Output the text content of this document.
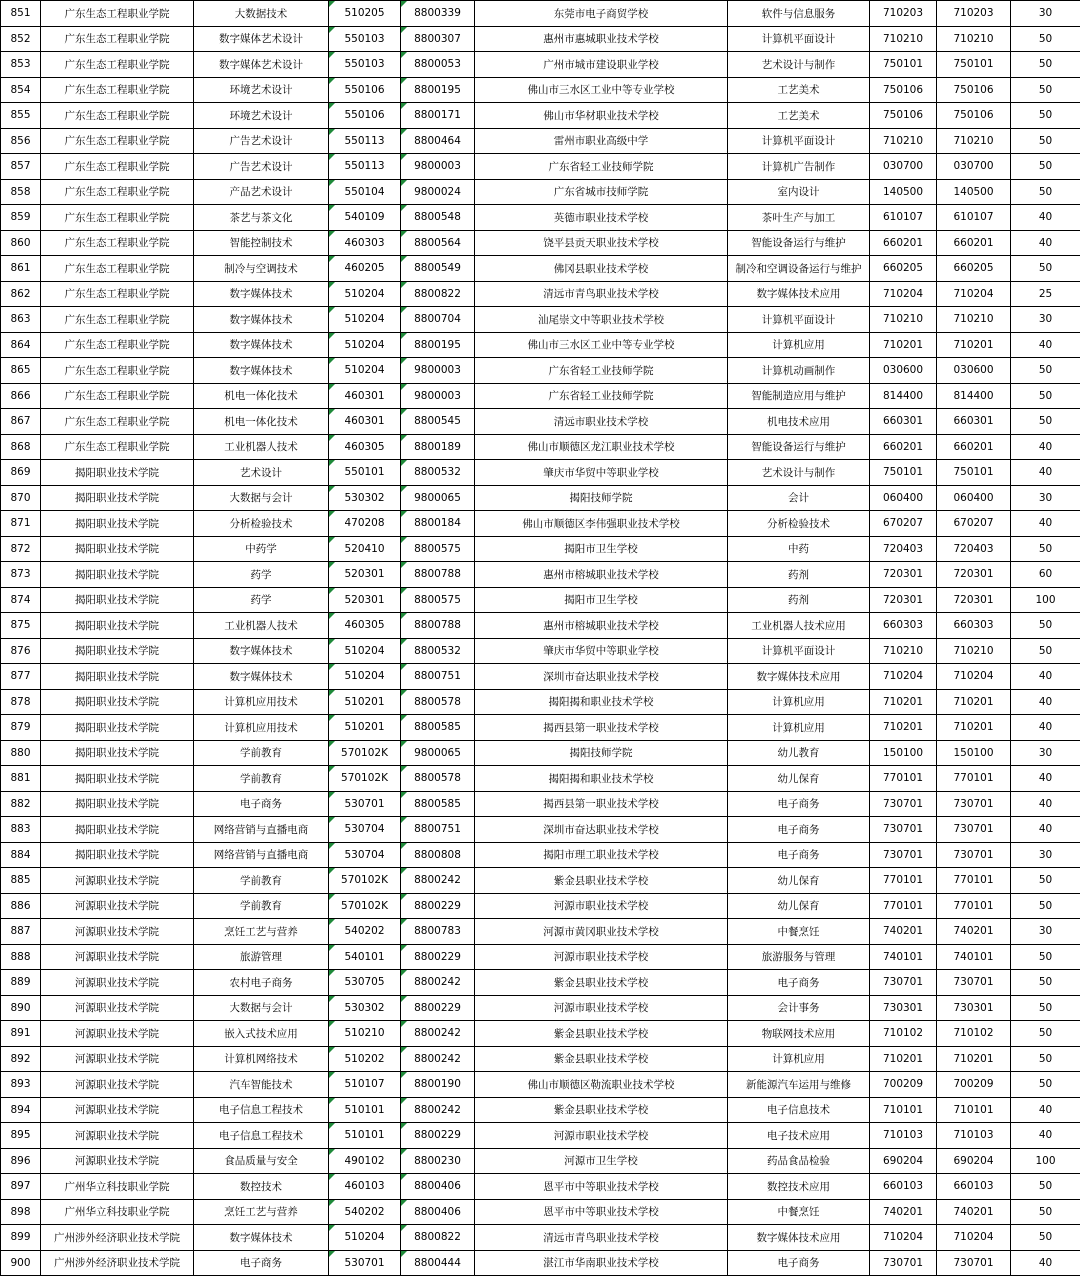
851	广东生态工程职业学院	大数据技术	510205	8800339	东莞市电子商贸学校	软件与信息服务	710203	710203	30
852	广东生态工程职业学院	数字媒体艺术设计	550103	8800307	惠州市惠城职业技术学校	计算机平面设计	710210	710210	50
853	广东生态工程职业学院	数字媒体艺术设计	550103	8800053	广州市城市建设职业学校	艺术设计与制作	750101	750101	50
854	广东生态工程职业学院	环境艺术设计	550106	8800195	佛山市三水区工业中等专业学校	工艺美术	750106	750106	50
855	广东生态工程职业学院	环境艺术设计	550106	8800171	佛山市华材职业技术学校	工艺美术	750106	750106	50
856	广东生态工程职业学院	广告艺术设计	550113	8800464	雷州市职业高级中学	计算机平面设计	710210	710210	50
857	广东生态工程职业学院	广告艺术设计	550113	9800003	广东省轻工业技师学院	计算机广告制作	030700	030700	50
858	广东生态工程职业学院	产品艺术设计	550104	9800024	广东省城市技师学院	室内设计	140500	140500	50
859	广东生态工程职业学院	茶艺与茶文化	540109	8800548	英德市职业技术学校	茶叶生产与加工	610107	610107	40
860	广东生态工程职业学院	智能控制技术	460303	8800564	饶平县贡天职业技术学校	智能设备运行与维护	660201	660201	40
861	广东生态工程职业学院	制冷与空调技术	460205	8800549	佛冈县职业技术学校	制冷和空调设备运行与维护	660205	660205	50
862	广东生态工程职业学院	数字媒体技术	510204	8800822	清远市青鸟职业技术学校	数字媒体技术应用	710204	710204	25
863	广东生态工程职业学院	数字媒体技术	510204	8800704	汕尾崇文中等职业技术学校	计算机平面设计	710210	710210	30
864	广东生态工程职业学院	数字媒体技术	510204	8800195	佛山市三水区工业中等专业学校	计算机应用	710201	710201	40
865	广东生态工程职业学院	数字媒体技术	510204	9800003	广东省轻工业技师学院	计算机动画制作	030600	030600	50
866	广东生态工程职业学院	机电一体化技术	460301	9800003	广东省轻工业技师学院	智能制造应用与维护	814400	814400	50
867	广东生态工程职业学院	机电一体化技术	460301	8800545	清远市职业技术学校	机电技术应用	660301	660301	50
868	广东生态工程职业学院	工业机器人技术	460305	8800189	佛山市顺德区龙江职业技术学校	智能设备运行与维护	660201	660201	40
869	揭阳职业技术学院	艺术设计	550101	8800532	肇庆市华贸中等职业学校	艺术设计与制作	750101	750101	40
870	揭阳职业技术学院	大数据与会计	530302	9800065	揭阳技师学院	会计	060400	060400	30
871	揭阳职业技术学院	分析检验技术	470208	8800184	佛山市顺德区李伟强职业技术学校	分析检验技术	670207	670207	40
872	揭阳职业技术学院	中药学	520410	8800575	揭阳市卫生学校	中药	720403	720403	50
873	揭阳职业技术学院	药学	520301	8800788	惠州市榕城职业技术学校	药剂	720301	720301	60
874	揭阳职业技术学院	药学	520301	8800575	揭阳市卫生学校	药剂	720301	720301	100
875	揭阳职业技术学院	工业机器人技术	460305	8800788	惠州市榕城职业技术学校	工业机器人技术应用	660303	660303	50
876	揭阳职业技术学院	数字媒体技术	510204	8800532	肇庆市华贸中等职业学校	计算机平面设计	710210	710210	50
877	揭阳职业技术学院	数字媒体技术	510204	8800751	深圳市奋达职业技术学校	数字媒体技术应用	710204	710204	40
878	揭阳职业技术学院	计算机应用技术	510201	8800578	揭阳揭和职业技术学校	计算机应用	710201	710201	40
879	揭阳职业技术学院	计算机应用技术	510201	8800585	揭西县第一职业技术学校	计算机应用	710201	710201	40
880	揭阳职业技术学院	学前教育	570102K	9800065	揭阳技师学院	幼儿教育	150100	150100	30
881	揭阳职业技术学院	学前教育	570102K	8800578	揭阳揭和职业技术学校	幼儿保育	770101	770101	40
882	揭阳职业技术学院	电子商务	530701	8800585	揭西县第一职业技术学校	电子商务	730701	730701	40
883	揭阳职业技术学院	网络营销与直播电商	530704	8800751	深圳市奋达职业技术学校	电子商务	730701	730701	40
884	揭阳职业技术学院	网络营销与直播电商	530704	8800808	揭阳市理工职业技术学校	电子商务	730701	730701	30
885	河源职业技术学院	学前教育	570102K	8800242	紫金县职业技术学校	幼儿保育	770101	770101	50
886	河源职业技术学院	学前教育	570102K	8800229	河源市职业技术学校	幼儿保育	770101	770101	50
887	河源职业技术学院	烹饪工艺与营养	540202	8800783	河源市黄冈职业技术学校	中餐烹饪	740201	740201	30
888	河源职业技术学院	旅游管理	540101	8800229	河源市职业技术学校	旅游服务与管理	740101	740101	50
889	河源职业技术学院	农村电子商务	530705	8800242	紫金县职业技术学校	电子商务	730701	730701	50
890	河源职业技术学院	大数据与会计	530302	8800229	河源市职业技术学校	会计事务	730301	730301	50
891	河源职业技术学院	嵌入式技术应用	510210	8800242	紫金县职业技术学校	物联网技术应用	710102	710102	50
892	河源职业技术学院	计算机网络技术	510202	8800242	紫金县职业技术学校	计算机应用	710201	710201	50
893	河源职业技术学院	汽车智能技术	510107	8800190	佛山市顺德区勒流职业技术学校	新能源汽车运用与维修	700209	700209	50
894	河源职业技术学院	电子信息工程技术	510101	8800242	紫金县职业技术学校	电子信息技术	710101	710101	40
895	河源职业技术学院	电子信息工程技术	510101	8800229	河源市职业技术学校	电子技术应用	710103	710103	40
896	河源职业技术学院	食品质量与安全	490102	8800230	河源市卫生学校	药品食品检验	690204	690204	100
897	广州华立科技职业学院	数控技术	460103	8800406	恩平市中等职业技术学校	数控技术应用	660103	660103	50
898	广州华立科技职业学院	烹饪工艺与营养	540202	8800406	恩平市中等职业技术学校	中餐烹饪	740201	740201	50
899	广州涉外经济职业技术学院	数字媒体技术	510204	8800822	清远市青鸟职业技术学校	数字媒体技术应用	710204	710204	50
900	广州涉外经济职业技术学院	电子商务	530701	8800444	湛江市华南职业技术学校	电子商务	730701	730701	40
